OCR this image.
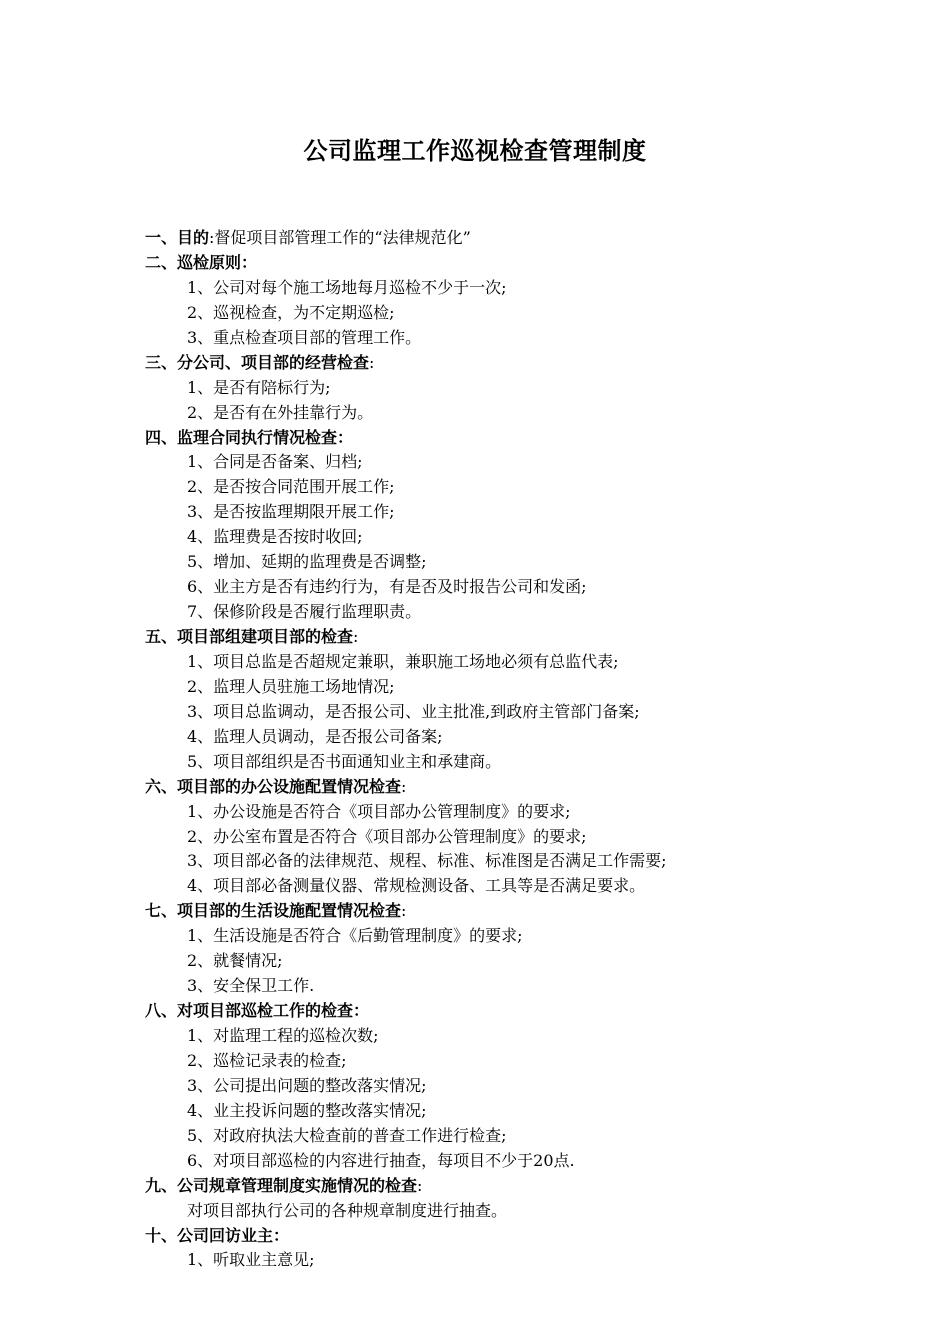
公司监理工作巡视检查管理制度
一、目的:督促项目部管理工作的“法律规范化”
二、巡检原则：
1、公司对每个施工场地每月巡检不少于一次;
2、巡视检查，为不定期巡检;
3、重点检查项目部的管理工作。
三、分公司、项目部的经营检查:
1、是否有陪标行为;
2、是否有在外挂靠行为。
四、监理合同执行情况检查：
1、合同是否备案、归档;
2、是否按合同范围开展工作;
3、是否按监理期限开展工作;
4、监理费是否按时收回;
5、增加、延期的监理费是否调整;
6、业主方是否有违约行为，有是否及时报告公司和发函;
7、保修阶段是否履行监理职责。
五、项目部组建项目部的检查:
1、项目总监是否超规定兼职，兼职施工场地必须有总监代表;
2、监理人员驻施工场地情况;
3、项目总监调动，是否报公司、业主批准,到政府主管部门备案;
4、监理人员调动，是否报公司备案;
5、项目部组织是否书面通知业主和承建商。
六、项目部的办公设施配置情况检查:
1、办公设施是否符合《项目部办公管理制度》的要求;
2、办公室布置是否符合《项目部办公管理制度》的要求;
3、项目部必备的法律规范、规程、标准、标准图是否满足工作需要;
4、项目部必备测量仪器、常规检测设备、工具等是否满足要求。
七、项目部的生活设施配置情况检查:
1、生活设施是否符合《后勤管理制度》的要求;
2、就餐情况;
3、安全保卫工作.
八、对项目部巡检工作的检查：
1、对监理工程的巡检次数;
2、巡检记录表的检查;
3、公司提出问题的整改落实情况;
4、业主投诉问题的整改落实情况;
5、对政府执法大检查前的普查工作进行检查;
6、对项目部巡检的内容进行抽查，每项目不少于20点.
九、公司规章管理制度实施情况的检查:
对项目部执行公司的各种规章制度进行抽查。
十、公司回访业主：
1、听取业主意见;
